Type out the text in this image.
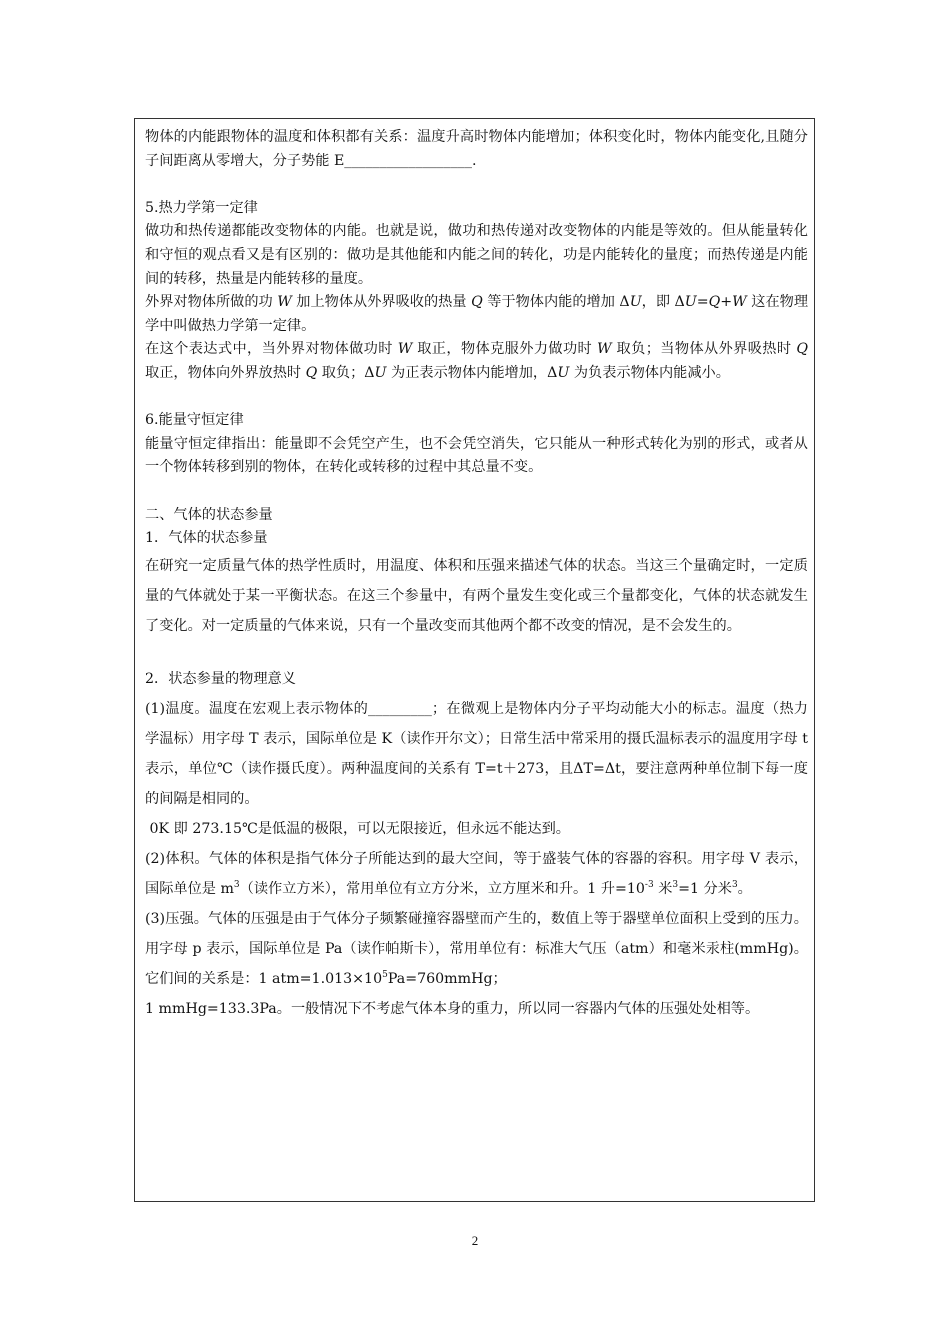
物体的内能跟物体的温度和体积都有关系：温度升高时物体内能增加；体积变化时，物体内能变化,且随分子间距离从零增大，分子势能 E__________________.

5.热力学第一定律

做功和热传递都能改变物体的内能。也就是说，做功和热传递对改变物体的内能是等效的。但从能量转化和守恒的观点看又是有区别的：做功是其他能和内能之间的转化，功是内能转化的量度；而热传递是内能间的转移，热量是内能转移的量度。

外界对物体所做的功 W 加上物体从外界吸收的热量 Q 等于物体内能的增加 ΔU，即 ΔU=Q+W 这在物理学中叫做热力学第一定律。

在这个表达式中，当外界对物体做功时 W 取正，物体克服外力做功时 W 取负；当物体从外界吸热时 Q 取正，物体向外界放热时 Q 取负；ΔU 为正表示物体内能增加，ΔU 为负表示物体内能减小。

6.能量守恒定律

能量守恒定律指出：能量即不会凭空产生，也不会凭空消失，它只能从一种形式转化为别的形式，或者从一个物体转移到别的物体，在转化或转移的过程中其总量不变。

二、气体的状态参量

1．气体的状态参量

在研究一定质量气体的热学性质时，用温度、体积和压强来描述气体的状态。当这三个量确定时，一定质量的气体就处于某一平衡状态。在这三个参量中，有两个量发生变化或三个量都变化，气体的状态就发生了变化。对一定质量的气体来说，只有一个量改变而其他两个都不改变的情况，是不会发生的。

2．状态参量的物理意义

(1)温度。温度在宏观上表示物体的_________；在微观上是物体内分子平均动能大小的标志。温度（热力学温标）用字母 T 表示，国际单位是 K（读作开尔文）；日常生活中常采用的摄氏温标表示的温度用字母 t 表示，单位℃（读作摄氏度）。两种温度间的关系有 T=t＋273，且ΔT=Δt，要注意两种单位制下每一度的间隔是相同的。

0K 即 273.15℃是低温的极限，可以无限接近，但永远不能达到。

(2)体积。气体的体积是指气体分子所能达到的最大空间，等于盛装气体的容器的容积。用字母 V 表示，国际单位是 $m^3$（读作立方米），常用单位有立方分米，立方厘米和升。1 升$=10^{-3}$ 米$^3$=1 分米$^3$。

(3)压强。气体的压强是由于气体分子频繁碰撞容器壁而产生的，数值上等于器壁单位面积上受到的压力。用字母 p 表示，国际单位是 Pa（读作帕斯卡），常用单位有：标准大气压（atm）和毫米汞柱(mmHg)。它们间的关系是：1 $atm=1.013\times 10^5Pa=760mmHg$；

1 mmHg=133.3Pa。一般情况下不考虑气体本身的重力，所以同一容器内气体的压强处处相等。

2
